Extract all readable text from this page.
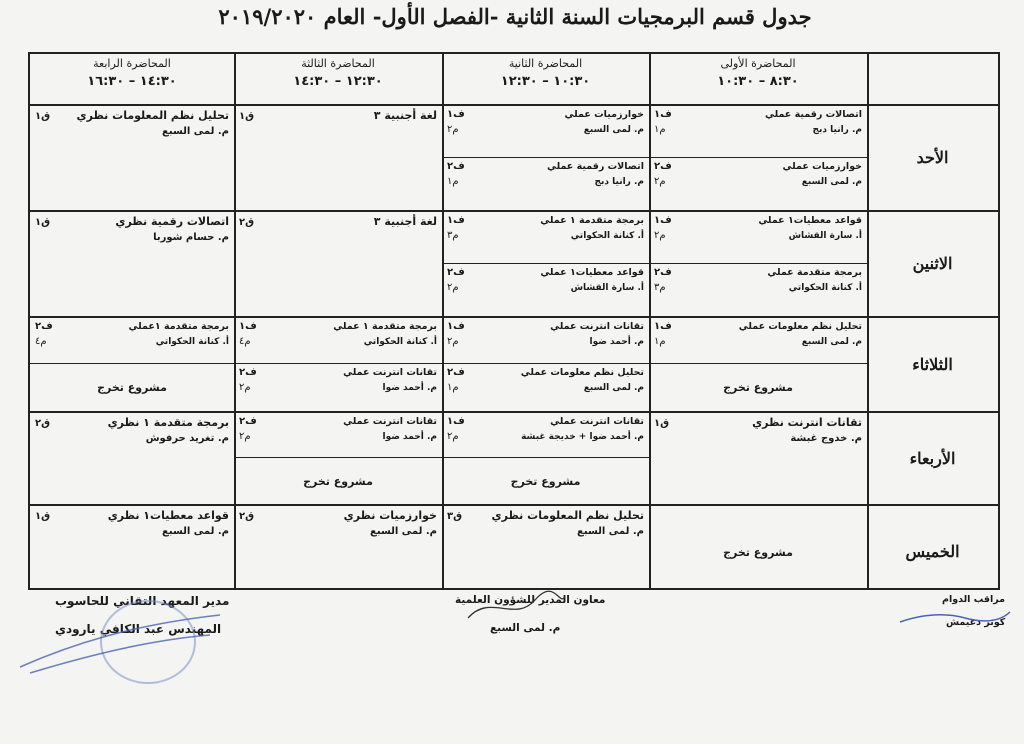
جدول قسم البرمجيات السنة الثانية -الفصل الأول- العام ٢٠١٩/٢٠٢٠
المحاضرة الأولى
٨:٣٠ – ١٠:٣٠
المحاضرة الثانية
١٠:٣٠ – ١٢:٣٠
المحاضرة الثالثة
١٢:٣٠ – ١٤:٣٠
المحاضرة الرابعة
١٤:٣٠ – ١٦:٣٠
الأحد
اتصالات رقمية عملي
ف١
م. رانيا دبج
م١
خوارزميات عملي
ف٢
م. لمى السبع
م٢
خوارزميات عملي
ف١
م. لمى السبع
م٢
اتصالات رقمية عملي
ف٢
م. رانيا دبج
م١
لغة أجنبية ٣
ق١
تحليل نظم المعلومات نظري
ق١
م. لمى السبع
الاثنين
قواعد معطيات١ عملي
ف١
أ. سارة القشاش
م٢
برمجة متقدمة عملي
ف٢
أ. كنانة الحكواتي
م٣
برمجة متقدمة ١ عملي
ف١
أ. كنانة الحكواتي
م٣
قواعد معطيات١ عملي
ف٢
أ. سارة القشاش
م٢
لغة أجنبية ٣
ق٢
اتصالات رقمية نظري
ق١
م. حسام شوربا
الثلاثاء
تحليل نظم معلومات عملي
ف١
م. لمى السبع
م١
مشروع تخرج
تقانات انترنت عملي
ف١
م. أحمد ضوا
م٢
تحليل نظم معلومات عملي
ف٢
م. لمى السبع
م١
برمجة متقدمة ١ عملي
ف١
أ. كنانة الحكواتي
م٤
تقانات انترنت عملي
ف٢
م. أحمد ضوا
م٢
برمجة متقدمة ١عملي
ف٢
أ. كنانة الحكواتي
م٤
مشروع تخرج
الأربعاء
تقانات انترنت نظري
ق١
م. خدوج غبشة
تقانات انترنت عملي
ف١
م. أحمد ضوا + خديجة غبشة
م٢
مشروع تخرج
تقانات انترنت عملي
ف٢
م. أحمد ضوا
م٢
مشروع تخرج
برمجة متقدمة ١ نظري
ق٢
م. تغريد حرفوش
الخميس
مشروع تخرج
تحليل نظم المعلومات نظري
ق٣
م. لمى السبع
خوارزميات نظري
ق٢
م. لمى السبع
قواعد معطيات١ نظري
ق١
م. لمى السبع
مراقب الدوام
كوثر دغيمش
معاون المدير للشؤون العلمية
م. لمى السبع
مدير المعهد التقاني للحاسوب
المهندس عبد الكافي يارودي
